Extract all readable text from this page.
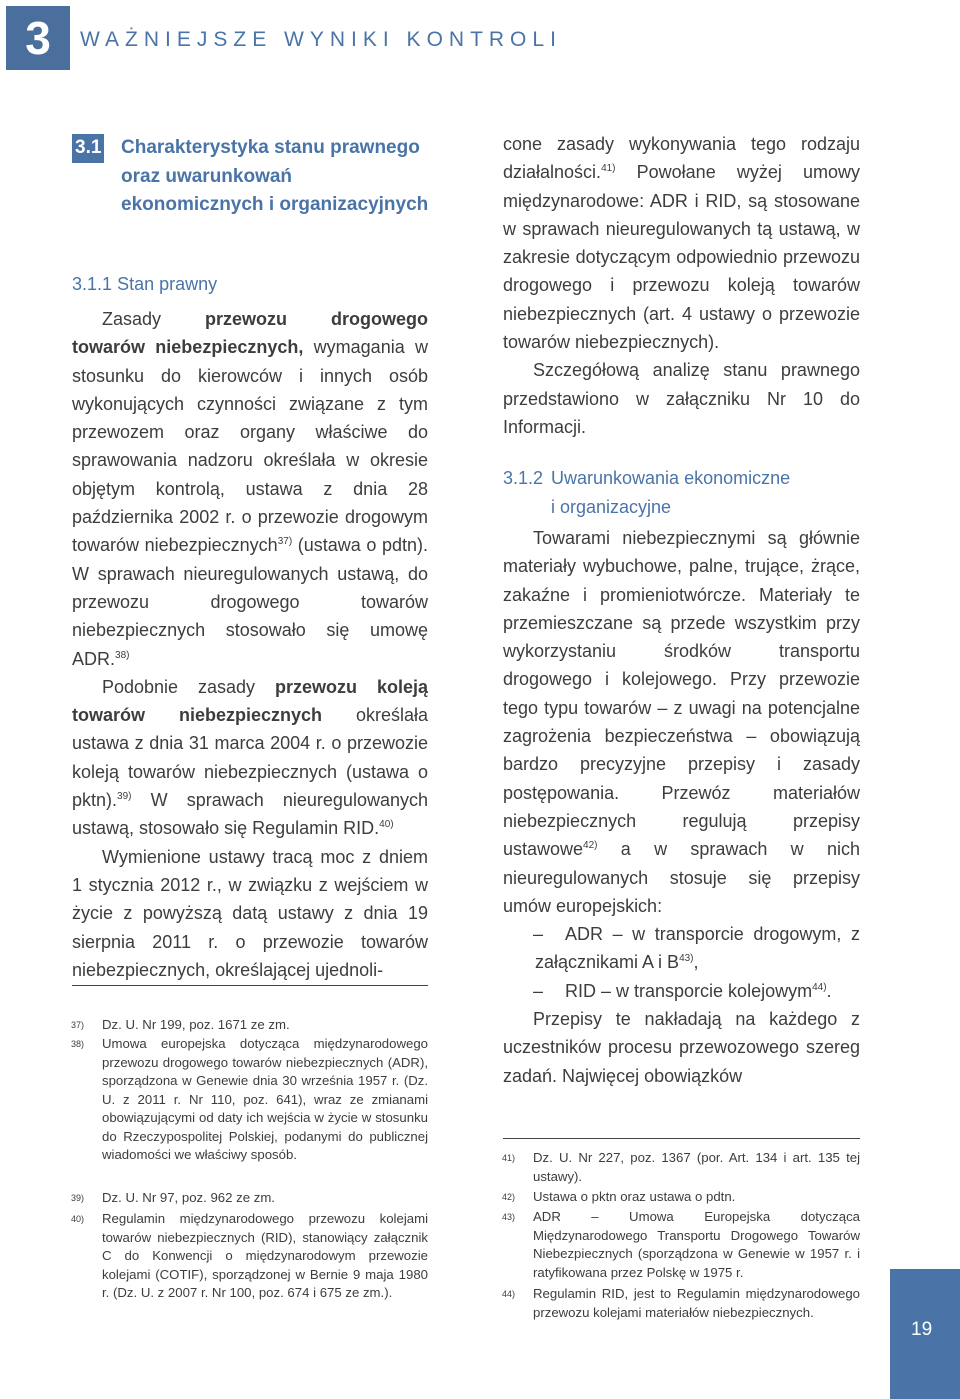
3	WAŻNIEJSZE WYNIKI KONTROLI
3.1 Charakterystyka stanu prawnego oraz uwarunkowań ekonomicznych i organizacyjnych
3.1.1 Stan prawny

Zasady przewozu drogowego towarów niebezpiecznych, wymagania w stosunku do kierowców i innych osób wykonujących czynności związane z tym przewozem oraz organy właściwe do sprawowania nadzoru określała w okresie objętym kontrolą, ustawa z dnia 28 października 2002 r. o przewozie drogowym towarów niebezpiecznych$^{37)}$ (ustawa o pdtn). W sprawach nieuregulowanych ustawą, do przewozu drogowego towarów niebezpiecznych stosowało się umowę ADR.$^{38)}$

Podobnie zasady przewozu koleją towarów niebezpiecznych określała ustawa z dnia 31 marca 2004 r. o przewozie koleją towarów niebezpiecznych (ustawa o pktn).$^{39)}$ W sprawach nieuregulowanych ustawą, stosowało się Regulamin RID.$^{40)}$

Wymienione ustawy tracą moc z dniem 1 stycznia 2012 r., w związku z wejściem w życie z powyższą datą ustawy z dnia 19 sierpnia 2011 r. o przewozie towarów niebezpiecznych, określającej ujednoli-

37) Dz. U. Nr 199, poz. 1671 ze zm.
38) Umowa europejska dotycząca międzynarodowego przewozu drogowego towarów niebezpiecznych (ADR), sporządzona w Genewie dnia 30 września 1957 r. (Dz. U. z 2011 r. Nr 110, poz. 641), wraz ze zmianami obowiązującymi od daty ich wejścia w życie w stosunku do Rzeczypospolitej Polskiej, podanymi do publicznej wiadomości we właściwy sposób.
39) Dz. U. Nr 97, poz. 962 ze zm.
40) Regulamin międzynarodowego przewozu kolejami towarów niebezpiecznych (RID), stanowiący załącznik C do Konwencji o międzynarodowym przewozie kolejami (COTIF), sporządzonej w Bernie 9 maja 1980 r. (Dz. U. z 2007 r. Nr 100, poz. 674 i 675 ze zm.).

cone zasady wykonywania tego rodzaju działalności.$^{41)}$ Powołane wyżej umowy międzynarodowe: ADR i RID, są stosowane w sprawach nieuregulowanych tą ustawą, w zakresie dotyczącym odpowiednio przewozu drogowego i przewozu koleją towarów niebezpiecznych (art. 4 ustawy o przewozie towarów niebezpiecznych).

Szczegółową analizę stanu prawnego przedstawiono w załączniku Nr 10 do Informacji.

3.1.2 Uwarunkowania ekonomiczne
i organizacyjne

Towarami niebezpiecznymi są głównie materiały wybuchowe, palne, trujące, żrące, zakaźne i promieniotwórcze. Materiały te przemieszczane są przede wszystkim przy wykorzystaniu środków transportu drogowego i kolejowego. Przy przewozie tego typu towarów – z uwagi na potencjalne zagrożenia bezpieczeństwa – obowiązują bardzo precyzyjne przepisy i zasady postępowania. Przewóz materiałów niebezpiecznych regulują przepisy ustawowe$^{42)}$ a w sprawach w nich nieuregulowanych stosuje się przepisy umów europejskich:

– ADR – w transporcie drogowym, z załącznikami A i $B^{43)}$,

– RID – w transporcie kolejowym$^{44)}$.

Przepisy te nakładają na każdego z uczestników procesu przewozowego szereg zadań. Najwięcej obowiązków

41) Dz. U. Nr 227, poz. 1367 (por. Art. 134 i art. 135 tej ustawy).
42) Ustawa o pktn oraz ustawa o pdtn.
43) ADR – Umowa Europejska dotycząca Międzynarodowego Transportu Drogowego Towarów Niebezpiecznych (sporządzona w Genewie w 1957 r. i ratyfikowana przez Polskę w 1975 r.
44) Regulamin RID, jest to Regulamin międzynarodowego przewozu kolejami materiałów niebezpiecznych.
19
